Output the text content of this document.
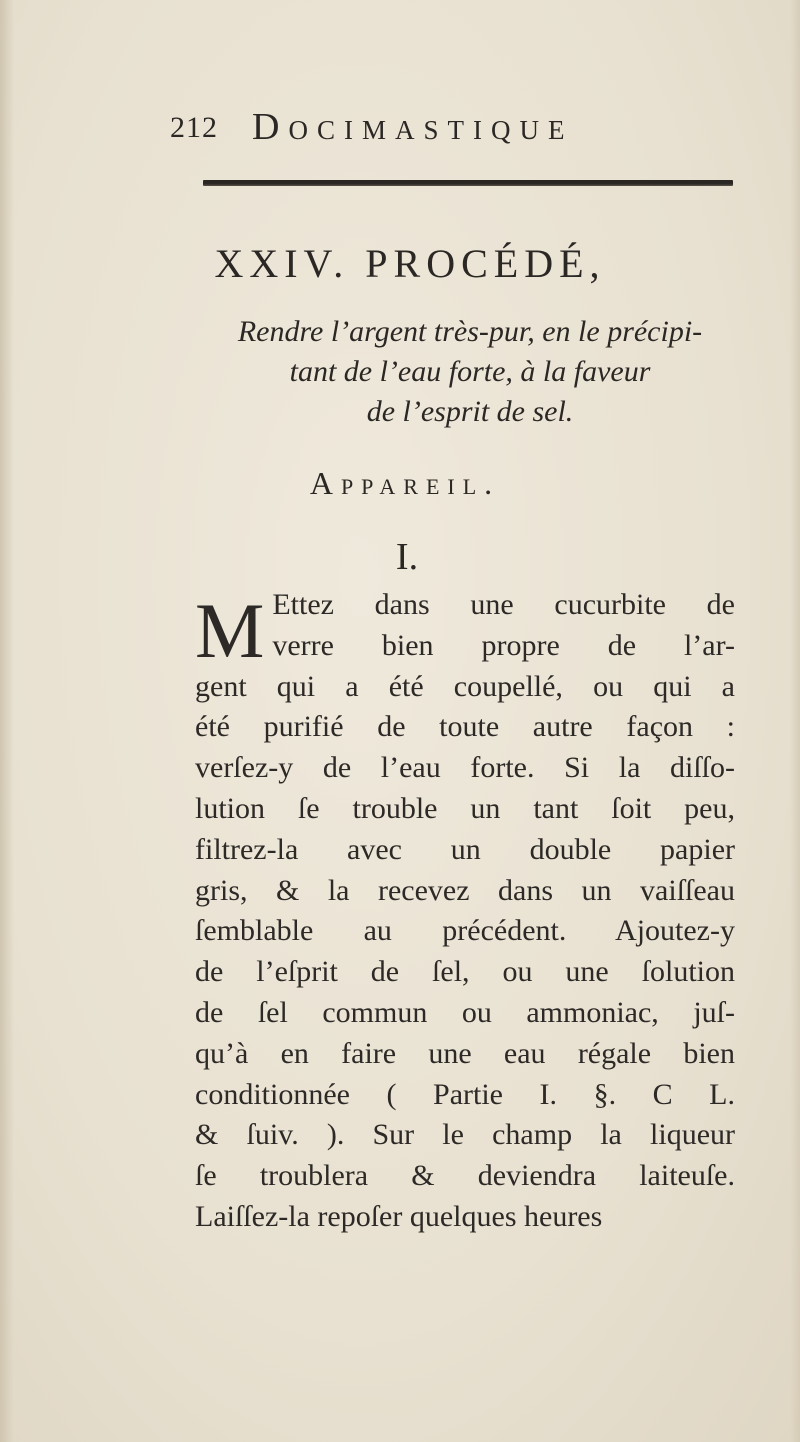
212 Docimastique
XXIV. PROCÉDÉ,
Rendre l’argent très-pur, en le précipi-
tant de l’eau forte, à la faveur
de l’esprit de sel.
Appareil.
I.
M Ettez dans une cucurbite de
verre bien propre de l’ar-
gent qui a été coupellé, ou qui a
été purifié de toute autre façon :
verſez-y de l’eau forte. Si la diſſo-
lution ſe trouble un tant ſoit peu,
filtrez-la avec un double papier
gris, & la recevez dans un vaiſſeau
ſemblable au précédent. Ajoutez-y
de l’eſprit de ſel, ou une ſolution
de ſel commun ou ammoniac, juſ-
qu’à en faire une eau régale bien
conditionnée ( Partie I. §. C L.
& ſuiv. ). Sur le champ la liqueur
ſe troublera & deviendra laiteuſe.
Laiſſez-la repoſer quelques heures
